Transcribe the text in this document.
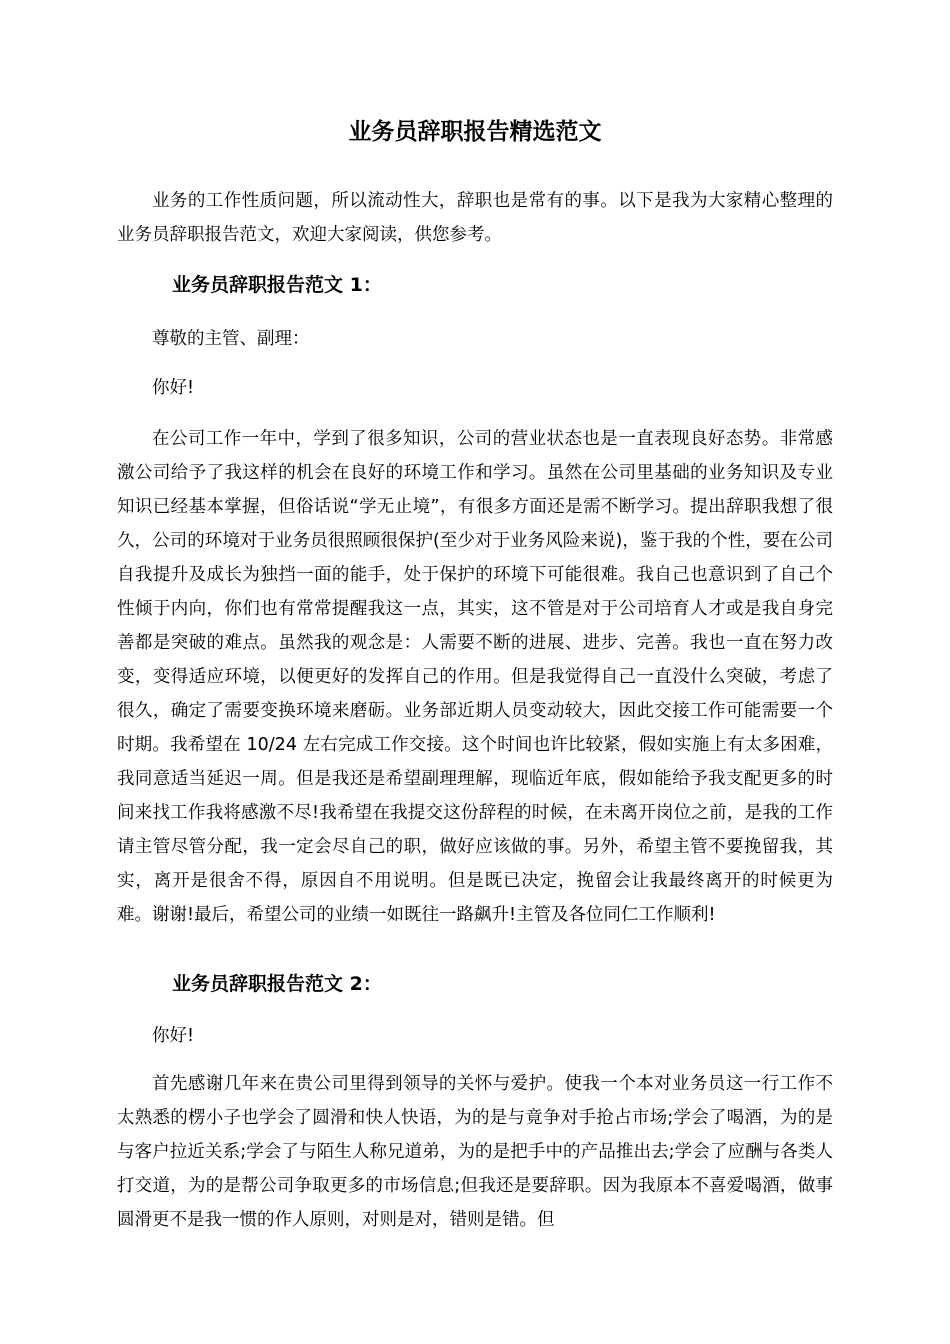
业务员辞职报告精选范文

业务的工作性质问题，所以流动性大，辞职也是常有的事。以下是我为大家精心整理的业务员辞职报告范文，欢迎大家阅读，供您参考。

业务员辞职报告范文 1：

尊敬的主管、副理：

你好!

在公司工作一年中，学到了很多知识，公司的营业状态也是一直表现良好态势。非常感激公司给予了我这样的机会在良好的环境工作和学习。虽然在公司里基础的业务知识及专业知识已经基本掌握，但俗话说“学无止境”，有很多方面还是需不断学习。提出辞职我想了很久，公司的环境对于业务员很照顾很保护(至少对于业务风险来说)，鉴于我的个性，要在公司自我提升及成长为独挡一面的能手，处于保护的环境下可能很难。我自己也意识到了自己个性倾于内向，你们也有常常提醒我这一点，其实，这不管是对于公司培育人才或是我自身完善都是突破的难点。虽然我的观念是：人需要不断的进展、进步、完善。我也一直在努力改变，变得适应环境，以便更好的发挥自己的作用。但是我觉得自己一直没什么突破，考虑了很久，确定了需要变换环境来磨砺。业务部近期人员变动较大，因此交接工作可能需要一个时期。我希望在 10/24 左右完成工作交接。这个时间也许比较紧，假如实施上有太多困难，我同意适当延迟一周。但是我还是希望副理理解，现临近年底，假如能给予我支配更多的时间来找工作我将感激不尽!我希望在我提交这份辞程的时候，在未离开岗位之前，是我的工作请主管尽管分配，我一定会尽自己的职，做好应该做的事。另外，希望主管不要挽留我，其实，离开是很舍不得，原因自不用说明。但是既已决定，挽留会让我最终离开的时候更为难。谢谢!最后，希望公司的业绩一如既往一路飙升!主管及各位同仁工作顺利!

业务员辞职报告范文 2：

你好!

首先感谢几年来在贵公司里得到领导的关怀与爱护。使我一个本对业务员这一行工作不太熟悉的楞小子也学会了圆滑和快人快语，为的是与竟争对手抢占市场;学会了喝酒，为的是与客户拉近关系;学会了与陌生人称兄道弟，为的是把手中的产品推出去;学会了应酬与各类人打交道，为的是帮公司争取更多的市场信息;但我还是要辞职。因为我原本不喜爱喝酒，做事圆滑更不是我一惯的作人原则，对则是对，错则是错。但
